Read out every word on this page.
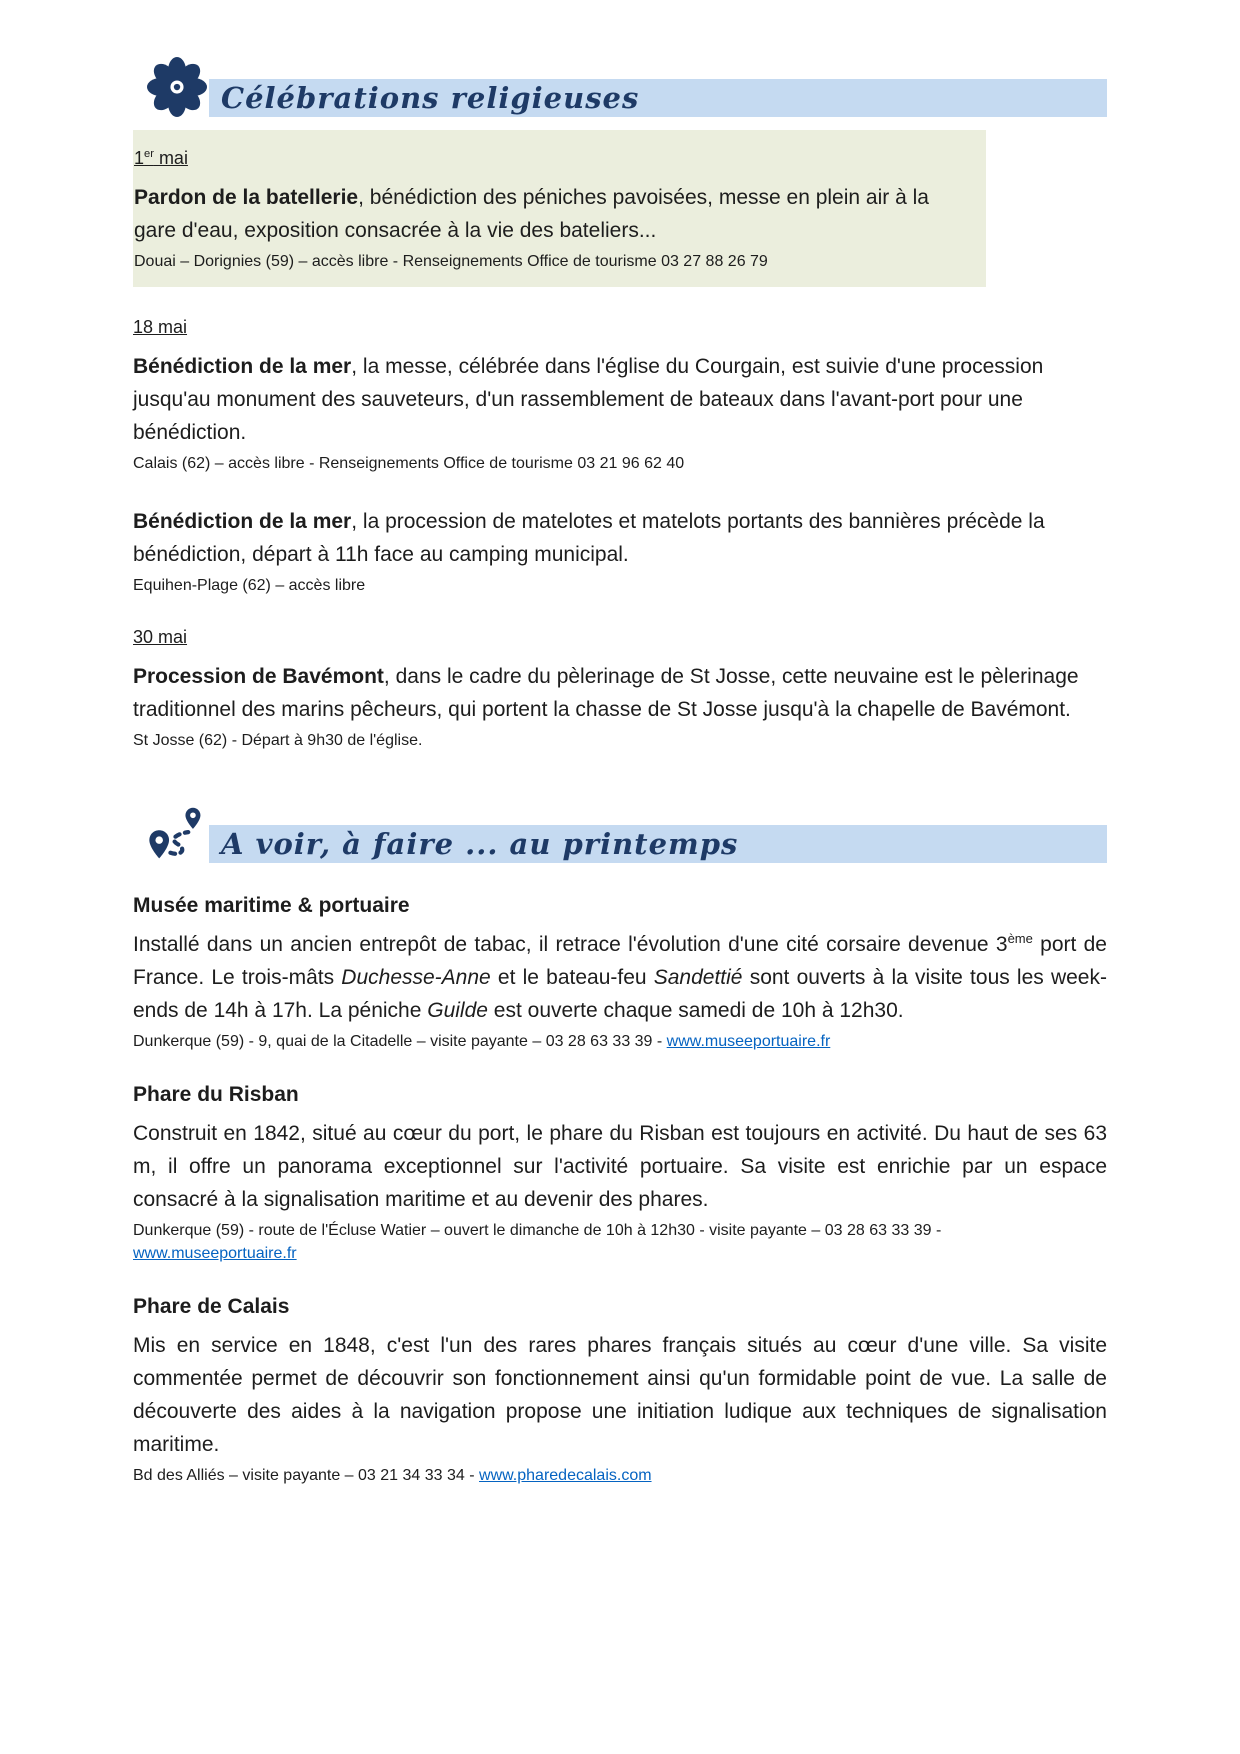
Célébrations religieuses

1er mai

Pardon de la batellerie, bénédiction des péniches pavoisées, messe en plein air à la gare d'eau, exposition consacrée à la vie des bateliers...

Douai – Dorignies (59) – accès libre - Renseignements Office de tourisme 03 27 88 26 79

18 mai

Bénédiction de la mer, la messe, célébrée dans l'église du Courgain, est suivie d'une procession jusqu'au monument des sauveteurs, d'un rassemblement de bateaux dans l'avant-port pour une bénédiction.

Calais (62) – accès libre - Renseignements Office de tourisme 03 21 96 62 40

Bénédiction de la mer, la procession de matelotes et matelots portants des bannières précède la bénédiction, départ à 11h face au camping municipal.

Equihen-Plage (62) – accès libre

30 mai

Procession de Bavémont, dans le cadre du pèlerinage de St Josse, cette neuvaine est le pèlerinage traditionnel des marins pêcheurs, qui portent la chasse de St Josse jusqu'à la chapelle de Bavémont.

St Josse (62) - Départ à 9h30 de l'église.

A voir, à faire ... au printemps
Musée maritime & portuaire

Installé dans un ancien entrepôt de tabac, il retrace l'évolution d'une cité corsaire devenue 3ème port de France. Le trois-mâts Duchesse-Anne et le bateau-feu Sandettié sont ouverts à la visite tous les week-ends de 14h à 17h. La péniche Guilde est ouverte chaque samedi de 10h à 12h30.

Dunkerque (59) - 9, quai de la Citadelle – visite payante – 03 28 63 33 39 - www.museeportuaire.fr

Phare du Risban

Construit en 1842, situé au cœur du port, le phare du Risban est toujours en activité. Du haut de ses 63 m, il offre un panorama exceptionnel sur l'activité portuaire. Sa visite est enrichie par un espace consacré à la signalisation maritime et au devenir des phares.

Dunkerque (59) - route de l'Écluse Watier – ouvert le dimanche de 10h à 12h30 - visite payante – 03 28 63 33 39 - www.museeportuaire.fr

Phare de Calais

Mis en service en 1848, c'est l'un des rares phares français situés au cœur d'une ville. Sa visite commentée permet de découvrir son fonctionnement ainsi qu'un formidable point de vue. La salle de découverte des aides à la navigation propose une initiation ludique aux techniques de signalisation maritime.

Bd des Alliés – visite payante – 03 21 34 33 34 - www.pharedecalais.com
